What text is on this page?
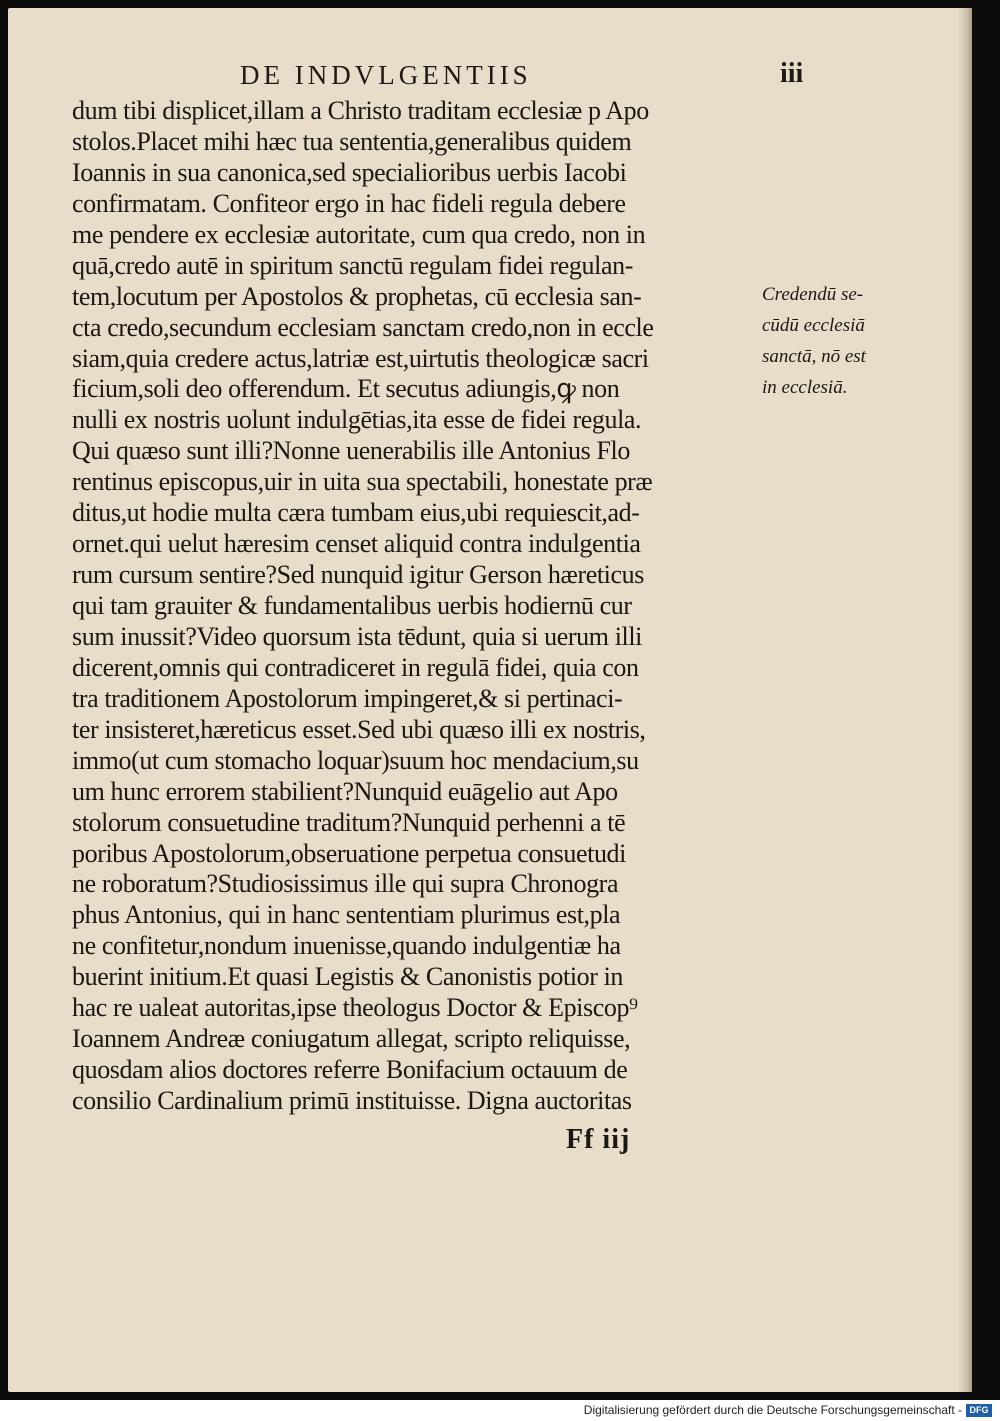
DE INDVLGENTIIS	iii
dum tibi displicet,illam a Christo traditam ecclesiæ p Apo
stolos.Placet mihi hæc tua sententia,generalibus quidem
Ioannis in sua canonica,sed specialioribus uerbis Iacobi
confirmatam. Confiteor ergo in hac fideli regula debere
me pendere ex ecclesiæ autoritate, cum qua credo, non in
quā,credo autē in spiritum sanctū regulam fidei regulan-
tem,locutum per Apostolos & prophetas, cū ecclesia san-
cta credo,secundum ecclesiam sanctam credo,non in eccle
siam,quia credere actus,latriæ est,uirtutis theologicæ sacri
ficium,soli deo offerendum. Et secutus adiungis,ꝙ non
nulli ex nostris uolunt indulgētias,ita esse de fidei regula.
Qui quæso sunt illi?Nonne uenerabilis ille Antonius Flo
rentinus episcopus,uir in uita sua spectabili, honestate præ
ditus,ut hodie multa cæra tumbam eius,ubi requiescit,ad-
ornet.qui uelut hæresim censet aliquid contra indulgentia
rum cursum sentire?Sed nunquid igitur Gerson hæreticus
qui tam grauiter & fundamentalibus uerbis hodiernū cur
sum inussit?Video quorsum ista tēdunt, quia si uerum illi
dicerent,omnis qui contradiceret in regulā fidei, quia con
tra traditionem Apostolorum impingeret,& si pertinaci-
ter insisteret,hæreticus esset.Sed ubi quæso illi ex nostris,
immo(ut cum stomacho loquar)suum hoc mendacium,su
um hunc errorem stabilient?Nunquid euāgelio aut Apo
stolorum consuetudine traditum?Nunquid perhenni a tē
poribus Apostolorum,obseruatione perpetua consuetudi
ne roboratum?Studiosissimus ille qui supra Chronogra
phus Antonius, qui in hanc sententiam plurimus est,pla
ne confitetur,nondum inuenisse,quando indulgentiæ ha
buerint initium.Et quasi Legistis & Canonistis potior in
hac re ualeat autoritas,ipse theologus Doctor & Episcop⁹
Ioannem Andreæ coniugatum allegat, scripto reliquisse,
quosdam alios doctores referre Bonifacium octauum de
consilio Cardinalium primū instituisse. Digna auctoritas
Credendū se-
cūdū ecclesiā
sanctā, nō est
in ecclesiā.
Ff iij
Digitalisierung gefördert durch die Deutsche Forschungsgemeinschaft - DFG
